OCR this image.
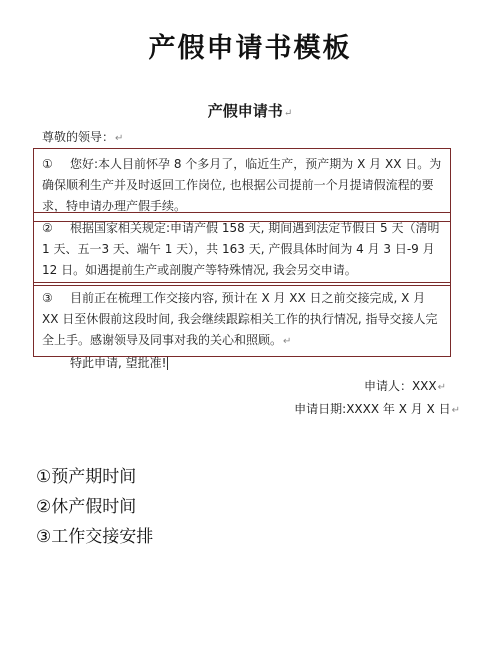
产假申请书模板
产假申请书↵
尊敬的领导：↵
① 您好:本人目前怀孕 8 个多月了，临近生产，预产期为 X 月 XX 日。为确保顺利生产并及时返回工作岗位, 也根据公司提前一个月提请假流程的要求，特申请办理产假手续。
② 根据国家相关规定:申请产假 158 天, 期间遇到法定节假日 5 天（清明 1 天、五一3 天、端午 1 天），共 163 天, 产假具体时间为 4 月 3 日-9 月 12 日。如遇提前生产或剖腹产等特殊情况, 我会另交申请。
③ 目前正在梳理工作交接内容, 预计在 X 月 XX 日之前交接完成, X 月 XX 日至休假前这段时间, 我会继续跟踪相关工作的执行情况, 指导交接人完全上手。感谢领导及同事对我的关心和照顾。↵
特此申请, 望批准!
申请人：XXX↵
申请日期:XXXX 年 X 月 X 日↵
①预产期时间
②休产假时间
③工作交接安排
